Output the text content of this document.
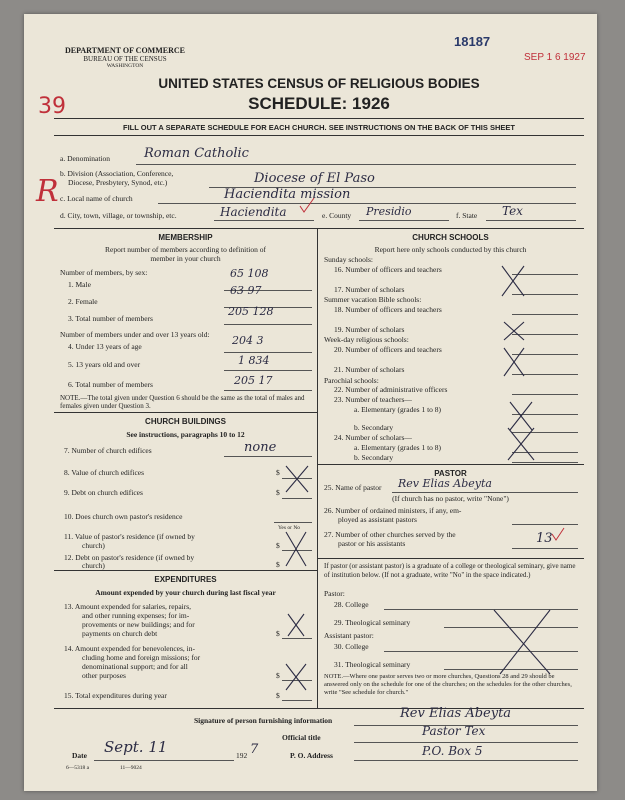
DEPARTMENT OF COMMERCE
BUREAU OF THE CENSUS
WASHINGTON
18187
SEP 1 6 1927
39
R
UNITED STATES CENSUS OF RELIGIOUS BODIES
SCHEDULE: 1926
FILL OUT A SEPARATE SCHEDULE FOR EACH CHURCH. SEE INSTRUCTIONS ON THE BACK OF THIS SHEET
a. Denomination	Roman Catholic
b. Division (Association, Conference,
Diocese, Presbytery, Synod, etc.)	Diocese of El Paso
c. Local name of church	Haciendita mission
d. City, town, village, or township, etc.	Haciendita	e. County Presidio	f. State Tex
MEMBERSHIP
Report number of members according to definition of
member in your church
Number of members, by sex:
1. Male
65 108
2. Female
63 97
3. Total number of members
205 128
Number of members under and over 13 years old:
4. Under 13 years of age	204 3
5. 13 years old and over	1 834
6. Total number of members	205 17
NOTE.—The total given under Question 6 should be the same as the total of males and females given under Question 3.
CHURCH BUILDINGS
See instructions, paragraphs 10 to 12
7. Number of church edifices	none
8. Value of church edifices	$
9. Debt on church edifices	$
10. Does church own pastor's residence
Yes or No
11. Value of pastor's residence (if owned by
church)	$
12. Debt on pastor's residence (if owned by
church)	$
EXPENDITURES
Amount expended by your church during last fiscal year
13. Amount expended for salaries, repairs,
and other running expenses; for im-
provements or new buildings; and for
payments on church debt	$
14. Amount expended for benevolences, in-
cluding home and foreign missions; for
denominational support; and for all
other purposes	$
15. Total expenditures during year	$
CHURCH SCHOOLS
Report here only schools conducted by this church
Sunday schools:
16. Number of officers and teachers
17. Number of scholars
Summer vacation Bible schools:
18. Number of officers and teachers
19. Number of scholars
Week-day religious schools:
20. Number of officers and teachers
21. Number of scholars
Parochial schools:
22. Number of administrative officers
23. Number of teachers—
a. Elementary (grades 1 to 8)
b. Secondary
24. Number of scholars—
a. Elementary (grades 1 to 8)
b. Secondary
PASTOR
25. Name of pastor Rev Elias Abeyta
(If church has no pastor, write "None")
26. Number of ordained ministers, if any, em-
ployed as assistant pastors
27. Number of other churches served by the
pastor or his assistants	13
If pastor (or assistant pastor) is a graduate of a college or theological seminary, give name of institution below. (If not a graduate, write "No" in the space indicated.)
Pastor:
28. College
29. Theological seminary
Assistant pastor:
30. College
31. Theological seminary
NOTE.—Where one pastor serves two or more churches, Questions 28 and 29 should be answered only on the schedule for one of the churches; on the schedules for the other churches, write "See schedule for church."
Signature of person furnishing information	Rev Elias Abeyta
Official title	Pastor Tex
Date Sept. 11	192 7	P. O. Address	P.O. Box 5
6—5318 a	11—9024
